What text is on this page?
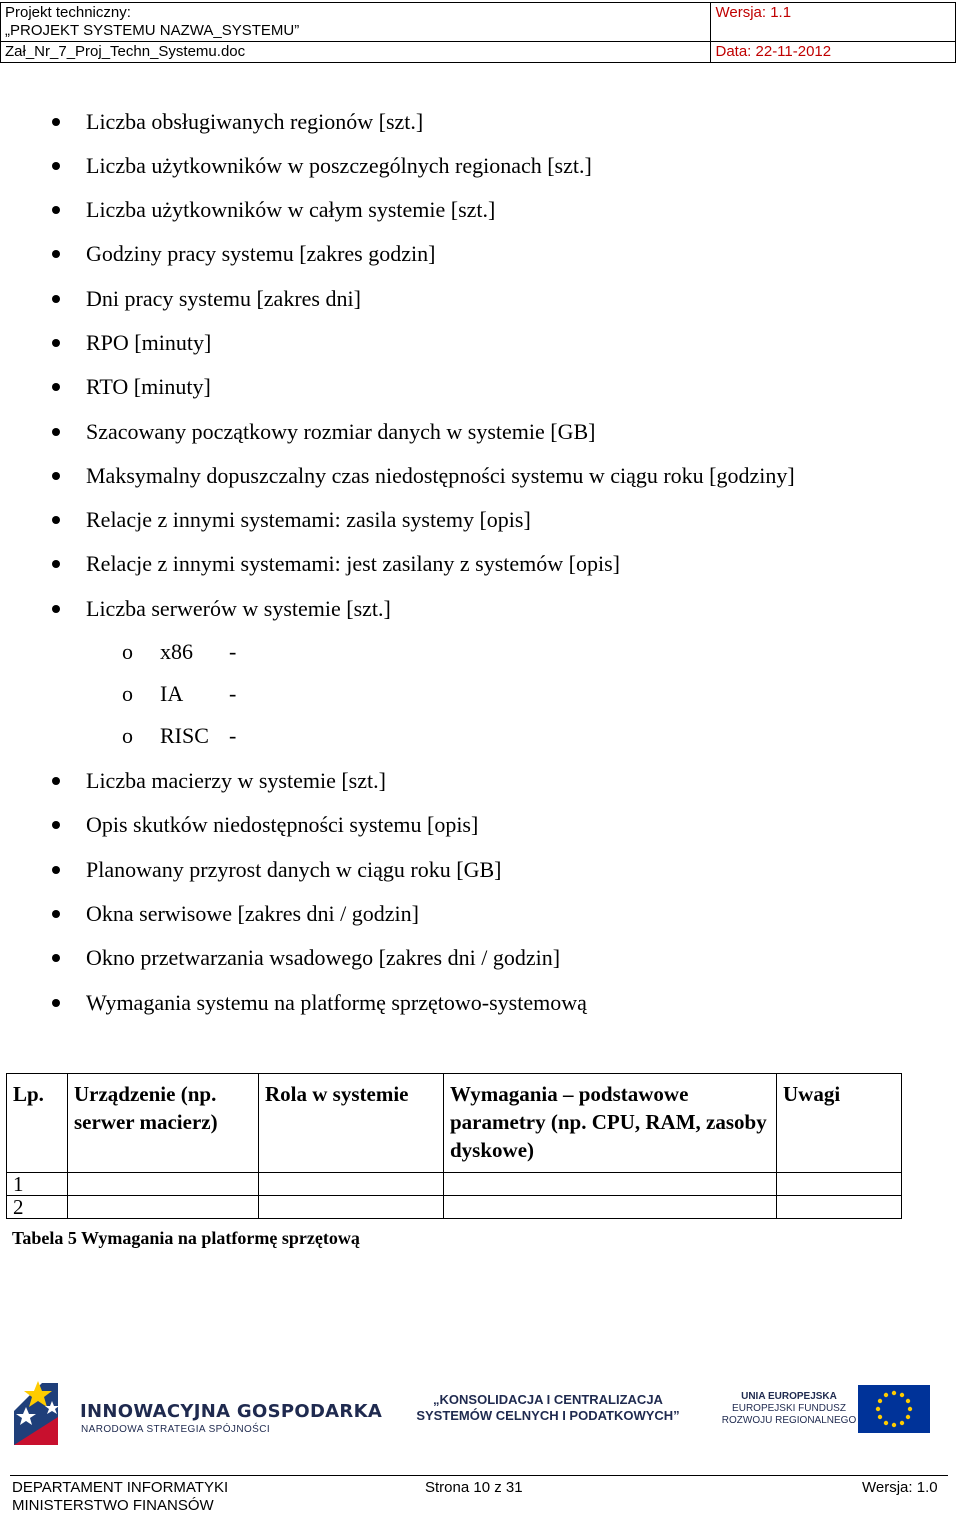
Projekt techniczny:
„PROJEKT SYSTEMU NAZWA_SYSTEMU”	Wersja: 1.1

Zał_Nr_7_Proj_Techn_Systemu.doc	Data: 22-11-2012
Liczba obsługiwanych regionów [szt.]
Liczba użytkowników w poszczególnych regionach [szt.]
Liczba użytkowników w całym systemie [szt.]
Godziny pracy systemu [zakres godzin]
Dni pracy systemu [zakres dni]
RPO [minuty]
RTO [minuty]
Szacowany początkowy rozmiar danych w systemie [GB]
Maksymalny dopuszczalny czas niedostępności systemu w ciągu roku [godziny]
Relacje z innymi systemami: zasila systemy [opis]
Relacje z innymi systemami: jest zasilany z systemów [opis]
Liczba serwerów w systemie [szt.]
o x86 -
o IA -
o RISC -
Liczba macierzy w systemie [szt.]
Opis skutków niedostępności systemu [opis]
Planowany przyrost danych w ciągu roku [GB]
Okna serwisowe [zakres dni / godzin]
Okno przetwarzania wsadowego [zakres dni / godzin]
Wymagania systemu na platformę sprzętowo-systemową
Lp.	Urządzenie (np. serwer macierz)	Rola w systemie	Wymagania – podstawowe parametry (np. CPU, RAM, zasoby dyskowe)	Uwagi
1				
2				
Tabela 5 Wymagania na platformę sprzętową
INNOWACYJNA GOSPODARKA
NARODOWA STRATEGIA SPÓJNOŚCI
„KONSOLIDACJA I CENTRALIZACJA
SYSTEMÓW CELNYCH I PODATKOWYCH”
UNIA EUROPEJSKA
EUROPEJSKI FUNDUSZ
ROZWOJU REGIONALNEGO
DEPARTAMENT INFORMATYKI
MINISTERSTWO FINANSÓW
Strona 10 z 31	Wersja: 1.0
